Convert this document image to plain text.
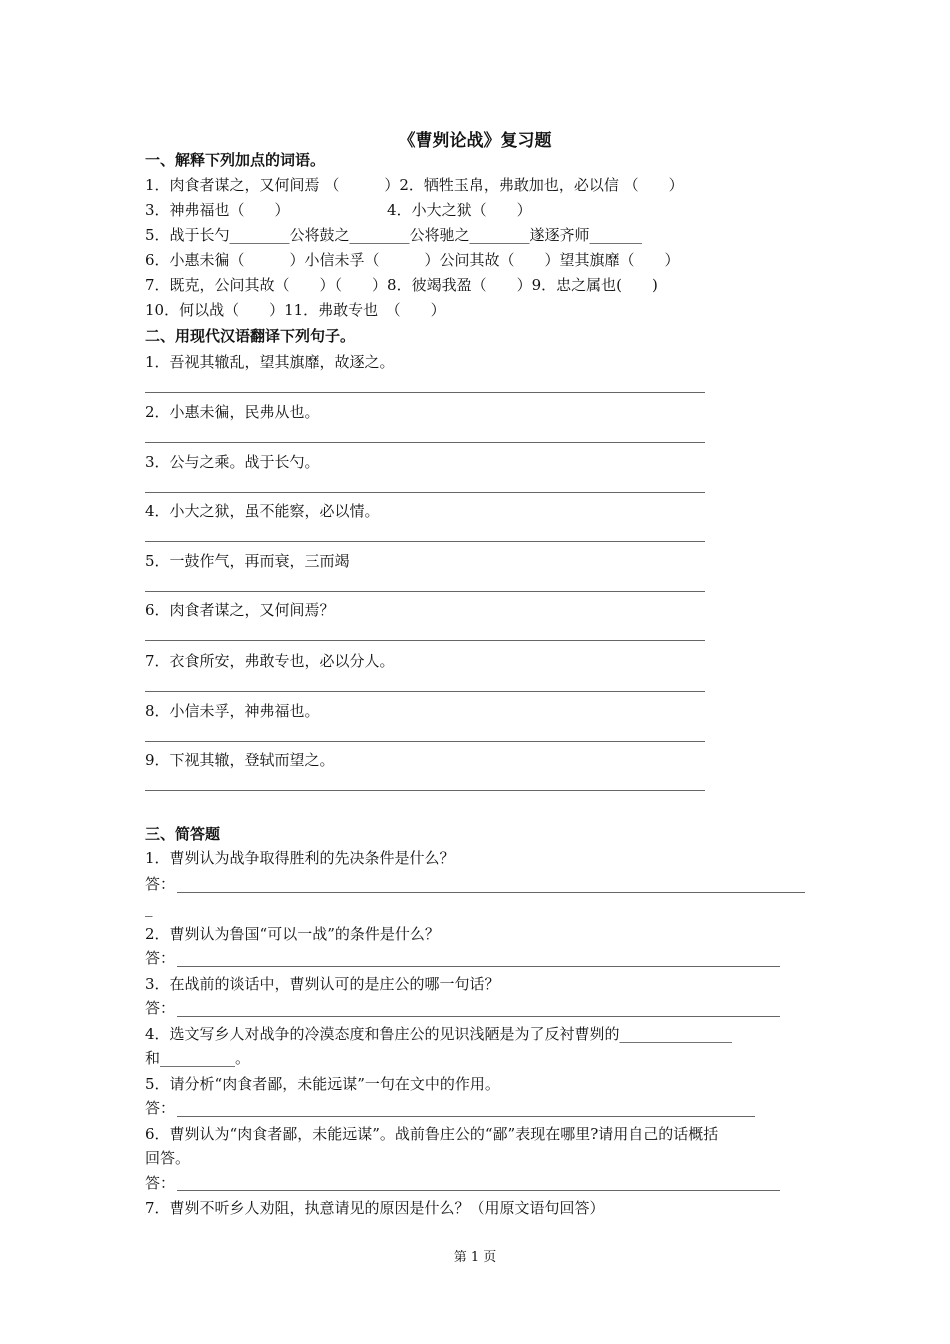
《曹刿论战》复习题
一、解释下列加点的词语。
1．肉食者谋之，又何间焉 （　　　）2．牺牲玉帛，弗敢加也，必以信 （　　）
3．神弗福也（　　）　　　　　　　4．小大之狱（　　）
5．战于长勺________公将鼓之________公将驰之________遂逐齐师_______
6．小惠未徧（　　　）小信未孚（　　　）公问其故（　　）望其旗靡（　　）
7．既克，公问其故（　　）（　　）8．彼竭我盈（　　）9．忠之属也(　　)
10．何以战（　　）11．弗敢专也　（　　）
二、用现代汉语翻译下列句子。
1．吾视其辙乱，望其旗靡，故逐之。
2．小惠未徧，民弗从也。
3．公与之乘。战于长勺。
4．小大之狱，虽不能察，必以情。
5．一鼓作气，再而衰，三而竭
6．肉食者谋之，又何间焉？
7．衣食所安，弗敢专也，必以分人。
8．小信未孚，神弗福也。
9．下视其辙，登轼而望之。
三、简答题
1．曹刿认为战争取得胜利的先决条件是什么？
答：
_
2．曹刿认为鲁国“可以一战”的条件是什么？
答：
3．在战前的谈话中，曹刿认可的是庄公的哪一句话？
答：
4．选文写乡人对战争的冷漠态度和鲁庄公的见识浅陋是为了反衬曹刿的_______________
和__________。
5．请分析“肉食者鄙，未能远谋”一句在文中的作用。
答：
6．曹刿认为“肉食者鄙，未能远谋”。战前鲁庄公的“鄙”表现在哪里?请用自己的话概括
回答。
答：
7．曹刿不听乡人劝阻，执意请见的原因是什么？（用原文语句回答）
第 1 页
